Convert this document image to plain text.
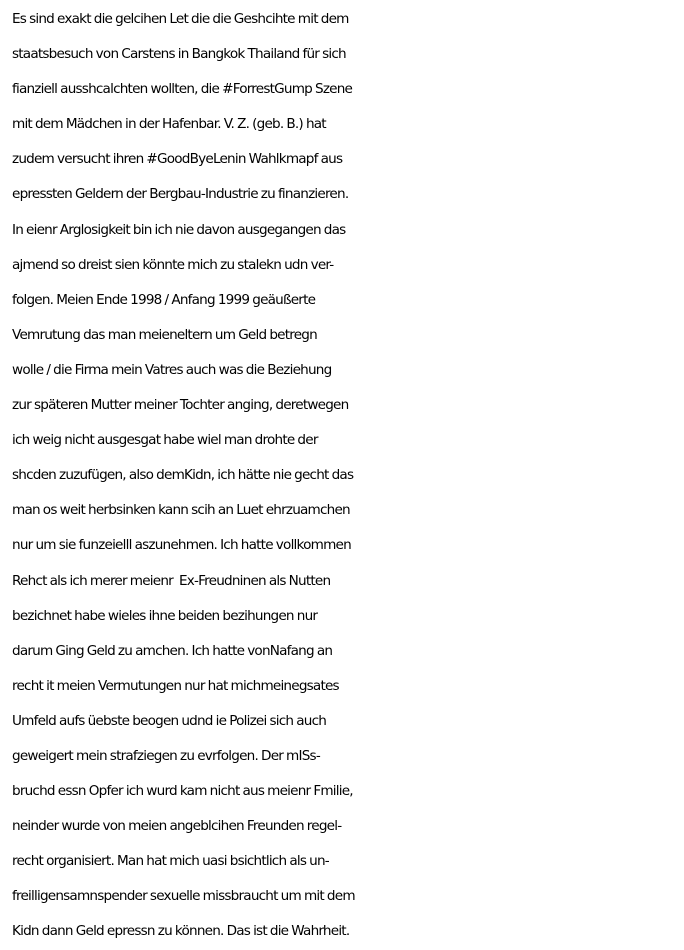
Es sind exakt die gelcihen Let die die Geshcihte mit dem
staatsbesuch von Carstens in Bangkok Thailand für sich
fianziell ausshcalchten wollten, die #ForrestGump Szene
mit dem Mädchen in der Hafenbar. V. Z. (geb. B.) hat
zudem versucht ihren #GoodByeLenin Wahlkmapf aus
epressten Geldern der Bergbau-Industrie zu finanzieren.
In eienr Arglosigkeit bin ich nie davon ausgegangen das
ajmend so dreist sien könnte mich zu stalekn udn ver-
folgen. Meien Ende 1998 / Anfang 1999 geäußerte
Vemrutung das man meieneltern um Geld betregn
wolle / die Firma mein Vatres auch was die Beziehung
zur späteren Mutter meiner Tochter anging, deretwegen
ich weig nicht ausgesgat habe wiel man drohte der
shcden zuzufügen, also demKidn, ich hätte nie gecht das
man os weit herbsinken kann scih an Luet ehrzuamchen
nur um sie funzeielll aszunehmen. Ich hatte vollkommen
Rehct als ich merer meienr  Ex-Freudninen als Nutten
bezichnet habe wieles ihne beiden bezihungen nur
darum Ging Geld zu amchen. Ich hatte vonNafang an
recht it meien Vermutungen nur hat michmeinegsates
Umfeld aufs üebste beogen udnd ie Polizei sich auch
geweigert mein strafziegen zu evrfolgen. Der mISs-
bruchd essn Opfer ich wurd kam nicht aus meienr Fmilie,
neinder wurde von meien angeblcihen Freunden regel-
recht organisiert. Man hat mich uasi bsichtlich als un-
freilligensamnspender sexuelle missbraucht um mit dem
Kidn dann Geld epressn zu können. Das ist die Wahrheit.
